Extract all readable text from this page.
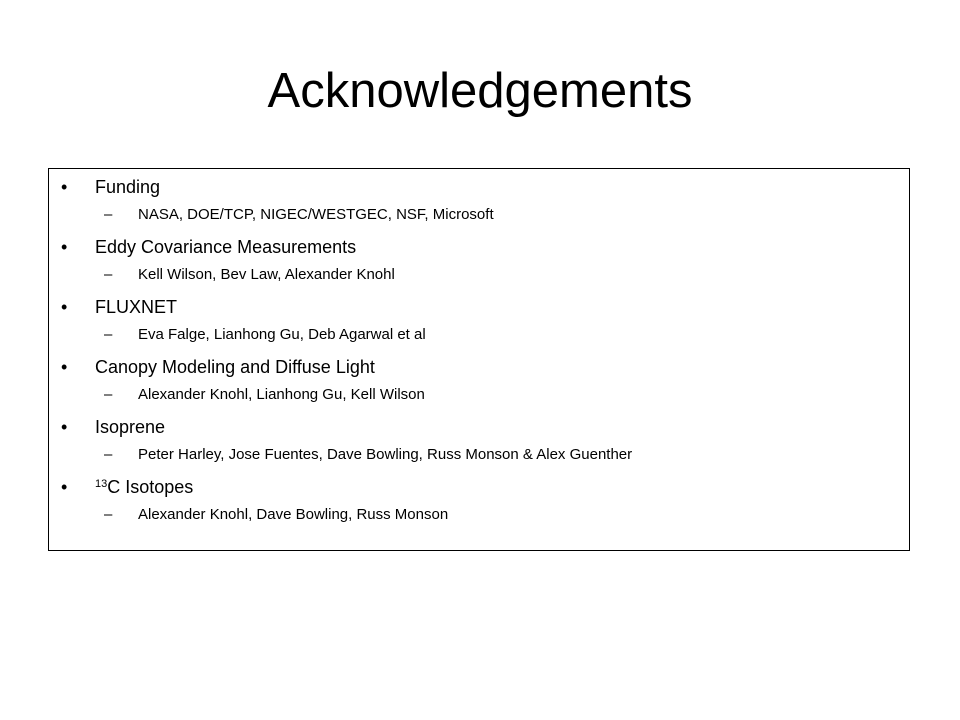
Acknowledgements
• Funding
– NASA, DOE/TCP, NIGEC/WESTGEC, NSF, Microsoft
• Eddy Covariance Measurements
– Kell Wilson, Bev Law, Alexander Knohl
• FLUXNET
– Eva Falge, Lianhong Gu, Deb Agarwal et al
• Canopy Modeling and Diffuse Light
– Alexander Knohl, Lianhong Gu, Kell Wilson
• Isoprene
– Peter Harley, Jose Fuentes, Dave Bowling, Russ Monson & Alex Guenther
•	$^{13}$C Isotopes
– Alexander Knohl, Dave Bowling, Russ Monson
